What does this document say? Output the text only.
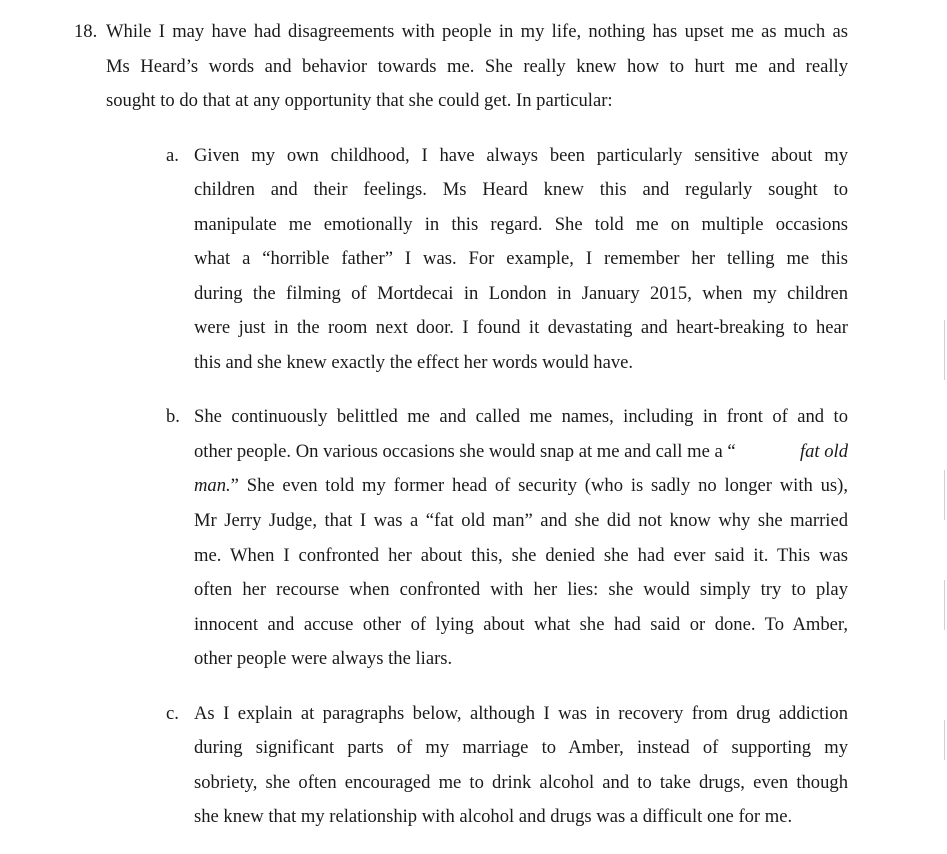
18. While I may have had disagreements with people in my life, nothing has upset me as much as
Ms Heard’s words and behavior towards me. She really knew how to hurt me and really
sought to do that at any opportunity that she could get. In particular:
a. Given my own childhood, I have always been particularly sensitive about my
children and their feelings. Ms Heard knew this and regularly sought to
manipulate me emotionally in this regard. She told me on multiple occasions
what a “horrible father” I was. For example, I remember her telling me this
during the filming of Mortdecai in London in January 2015, when my children
were just in the room next door. I found it devastating and heart-breaking to hear
this and she knew exactly the effect her words would have.
b. She continuously belittled me and called me names, including in front of and to
other people. On various occasions she would snap at me and call me a “	fat old
man. ” She even told my former head of security (who is sadly no longer with us),
Mr Jerry Judge, that I was a “fat old man” and she did not know why she married
me. When I confronted her about this, she denied she had ever said it. This was
often her recourse when confronted with her lies: she would simply try to play
innocent and accuse other of lying about what she had said or done. To Amber,
other people were always the liars.
c. As I explain at paragraphs below, although I was in recovery from drug addiction
during significant parts of my marriage to Amber, instead of supporting my
sobriety, she often encouraged me to drink alcohol and to take drugs, even though
she knew that my relationship with alcohol and drugs was a difficult one for me.
